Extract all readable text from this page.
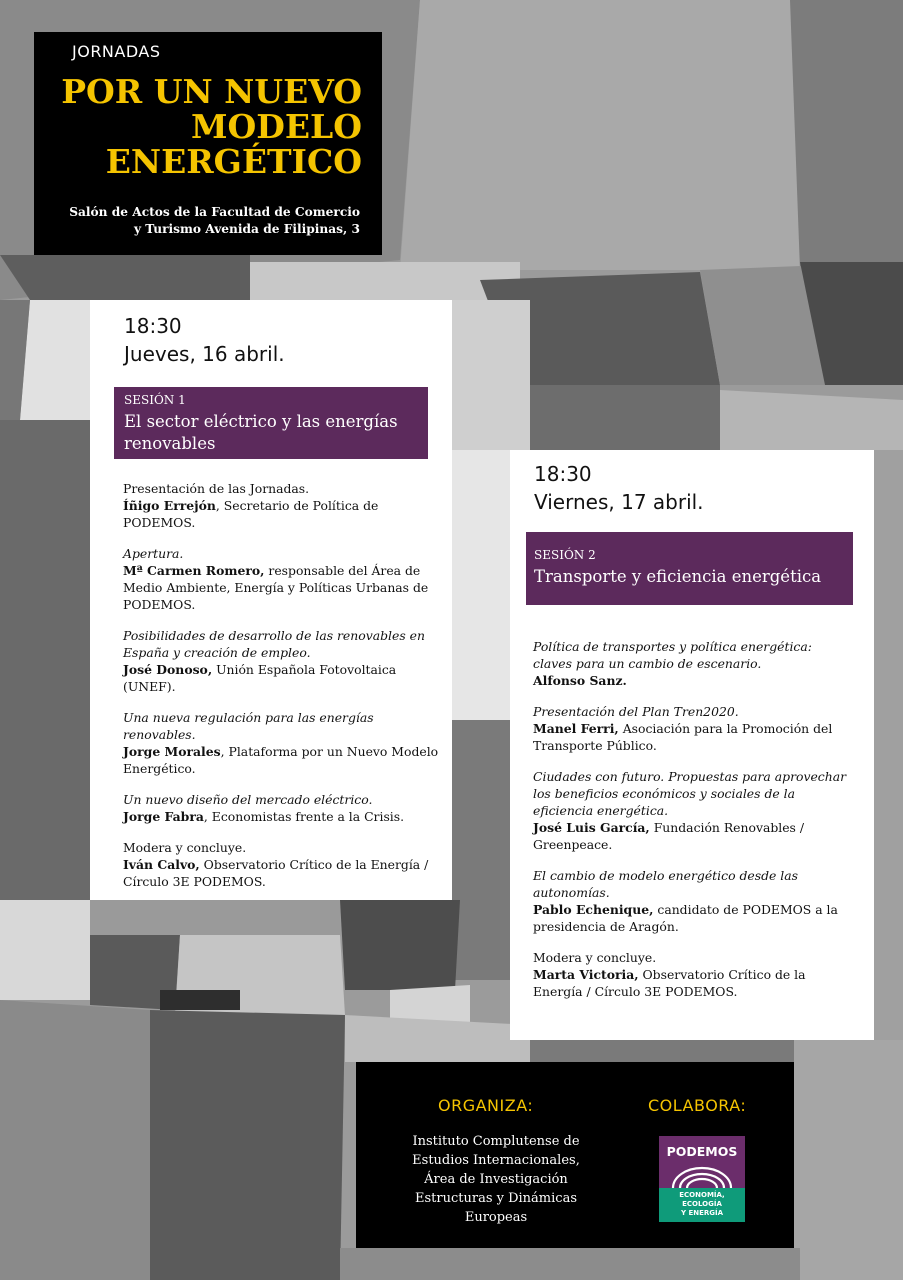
JORNADAS
POR UN NUEVO
MODELO
ENERGÉTICO
Salón de Actos de la Facultad de Comercio
y Turismo Avenida de Filipinas, 3
18:30
Jueves, 16 abril.
SESIÓN 1
El sector eléctrico y las energías renovables
Presentación de las Jornadas.
Íñigo Errejón, Secretario de Política de PODEMOS.
Apertura.
Mª Carmen Romero, responsable del Área de Medio Ambiente, Energía y Políticas Urbanas de PODEMOS.
Posibilidades de desarrollo de las renovables en España y creación de empleo.
José Donoso, Unión Española Fotovoltaica (UNEF).
Una nueva regulación para las energías renovables.
Jorge Morales, Plataforma por un Nuevo Modelo Energético.
Un nuevo diseño del mercado eléctrico.
Jorge Fabra, Economistas frente a la Crisis.
Modera y concluye.
Iván Calvo, Observatorio Crítico de la Energía / Círculo 3E PODEMOS.
18:30
Viernes, 17 abril.
SESIÓN 2
Transporte y eficiencia energética
Política de transportes y política energética: claves para un cambio de escenario.
Alfonso Sanz.
Presentación del Plan Tren2020.
Manel Ferri, Asociación para la Promoción del Transporte Público.
Ciudades con futuro. Propuestas para aprovechar los beneficios económicos y sociales de la eficiencia energética.
José Luis García, Fundación Renovables / Greenpeace.
El cambio de modelo energético desde las autonomías.
Pablo Echenique, candidato de PODEMOS a la presidencia de Aragón.
Modera y concluye.
Marta Victoria, Observatorio Crítico de la Energía / Círculo 3E PODEMOS.
ORGANIZA:	COLABORA:
Instituto Complutense de
Estudios Internacionales,
Área de Investigación
Estructuras y Dinámicas
Europeas
PODEMOS
ECONOMÍA,
ECOLOGÍA
Y ENERGÍA
